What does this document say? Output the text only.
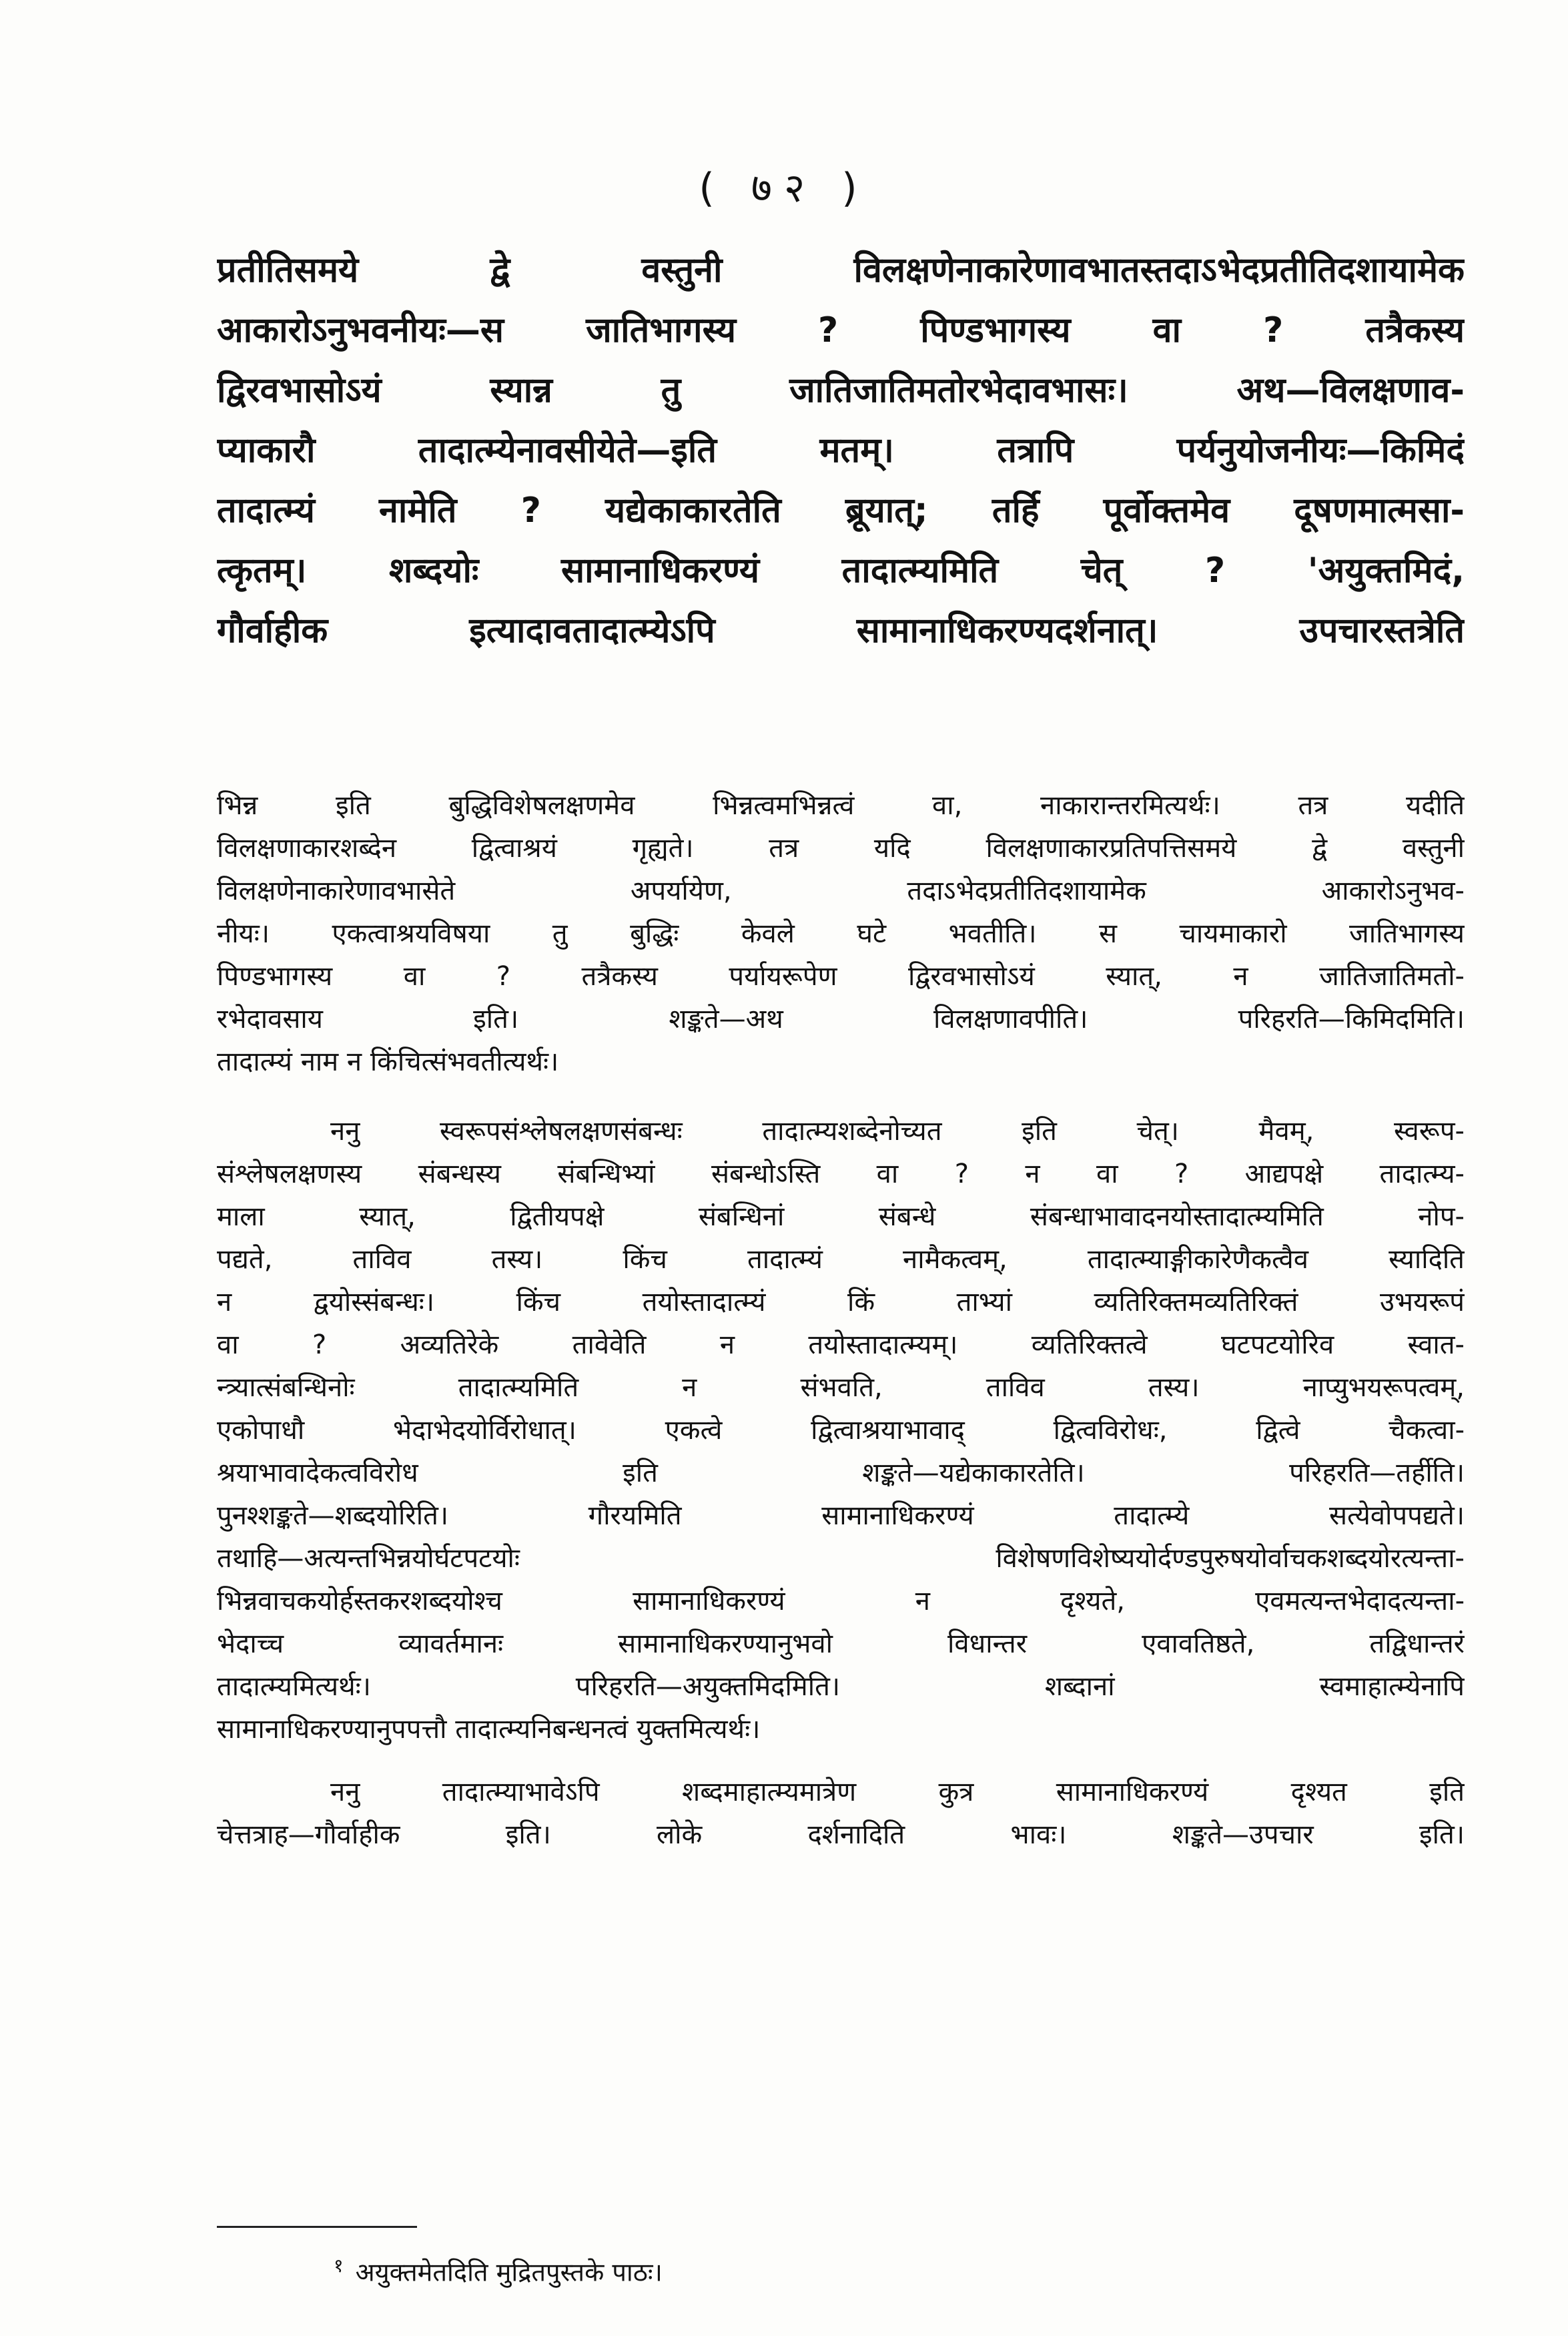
( ७२ )
प्रतीतिसमये द्वे वस्तुनी विलक्षणेनाकारेणावभातस्तदाऽभेदप्रतीतिदशायामेक
आकारोऽनुभवनीयः—स जातिभागस्य ? पिण्डभागस्य वा ? तत्रैकस्य
द्विरवभासोऽयं स्यान्न तु जातिजातिमतोरभेदावभासः। अथ—विलक्षणाव-
प्याकारौ तादात्म्येनावसीयेते—इति मतम्। तत्रापि पर्यनुयोजनीयः—किमिदं
तादात्म्यं नामेति ? यद्येकाकारतेति ब्रूयात्; तर्हि पूर्वोक्तमेव दूषणमात्मसा-
त्कृतम्। शब्दयोः सामानाधिकरण्यं तादात्म्यमिति चेत् ? 'अयुक्तमिदं,
गौर्वाहीक इत्यादावतादात्म्येऽपि सामानाधिकरण्यदर्शनात्। उपचारस्तत्रेति
भिन्न इति बुद्धिविशेषलक्षणमेव भिन्नत्वमभिन्नत्वं वा, नाकारान्तरमित्यर्थः। तत्र यदीति
विलक्षणाकारशब्देन द्वित्वाश्रयं गृह्यते। तत्र यदि विलक्षणाकारप्रतिपत्तिसमये द्वे वस्तुनी
विलक्षणेनाकारेणावभासेते अपर्यायेण, तदाऽभेदप्रतीतिदशायामेक आकारोऽनुभव-
नीयः। एकत्वाश्रयविषया तु बुद्धिः केवले घटे भवतीति। स चायमाकारो जातिभागस्य
पिण्डभागस्य वा ? तत्रैकस्य पर्यायरूपेण द्विरवभासोऽयं स्यात्, न जातिजातिमतो-
रभेदावसाय इति। शङ्कते—अथ विलक्षणावपीति। परिहरति—किमिदमिति।
तादात्म्यं नाम न किंचित्संभवतीत्यर्थः।
ननु स्वरूपसंश्लेषलक्षणसंबन्धः तादात्म्यशब्देनोच्यत इति चेत्। मैवम्, स्वरूप-
संश्लेषलक्षणस्य संबन्धस्य संबन्धिभ्यां संबन्धोऽस्ति वा ? न वा ? आद्यपक्षे तादात्म्य-
माला स्यात्, द्वितीयपक्षे संबन्धिनां संबन्धे संबन्धाभावादनयोस्तादात्म्यमिति नोप-
पद्यते, ताविव तस्य। किंच तादात्म्यं नामैकत्वम्, तादात्म्याङ्गीकारेणैकत्वैव स्यादिति
न द्वयोस्संबन्धः। किंच तयोस्तादात्म्यं किं ताभ्यां व्यतिरिक्तमव्यतिरिक्तं उभयरूपं
वा ? अव्यतिरेके तावेवेति न तयोस्तादात्म्यम्। व्यतिरिक्तत्वे घटपटयोरिव स्वात-
न्त्र्यात्संबन्धिनोः तादात्म्यमिति न संभवति, ताविव तस्य। नाप्युभयरूपत्वम्,
एकोपाधौ भेदाभेदयोर्विरोधात्। एकत्वे द्वित्वाश्रयाभावाद् द्वित्वविरोधः, द्वित्वे चैकत्वा-
श्रयाभावादेकत्वविरोध इति शङ्कते—यद्येकाकारतेति। परिहरति—तर्हीति।
पुनश्शङ्कते—शब्दयोरिति। गौरयमिति सामानाधिकरण्यं तादात्म्ये सत्येवोपपद्यते।
तथाहि—अत्यन्तभिन्नयोर्घटपटयोः विशेषणविशेष्ययोर्दण्डपुरुषयोर्वाचकशब्दयोरत्यन्ता-
भिन्नवाचकयोर्हस्तकरशब्दयोश्च सामानाधिकरण्यं न दृश्यते, एवमत्यन्तभेदादत्यन्ता-
भेदाच्च व्यावर्तमानः सामानाधिकरण्यानुभवो विधान्तर एवावतिष्ठते, तद्विधान्तरं
तादात्म्यमित्यर्थः। परिहरति—अयुक्तमिदमिति। शब्दानां स्वमाहात्म्येनापि
सामानाधिकरण्यानुपपत्तौ तादात्म्यनिबन्धनत्वं युक्तमित्यर्थः।
ननु तादात्म्याभावेऽपि शब्दमाहात्म्यमात्रेण कुत्र सामानाधिकरण्यं दृश्यत इति
चेत्तत्राह—गौर्वाहीक इति। लोके दर्शनादिति भावः। शङ्कते—उपचार इति।
$^१$ अयुक्तमेतदिति मुद्रितपुस्तके पाठः।
